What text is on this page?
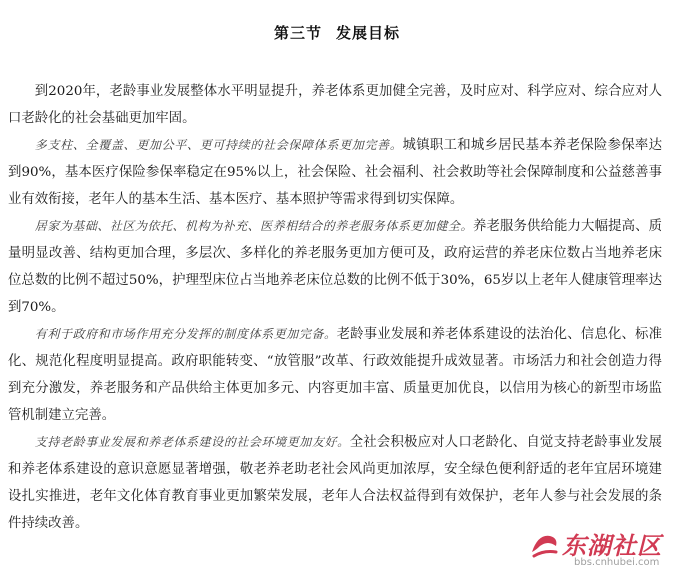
第三节 发展目标

到2020年，老龄事业发展整体水平明显提升，养老体系更加健全完善，及时应对、科学应对、综合应对人口老龄化的社会基础更加牢固。

多支柱、全覆盖、更加公平、更可持续的社会保障体系更加完善。城镇职工和城乡居民基本养老保险参保率达到90%，基本医疗保险参保率稳定在95%以上，社会保险、社会福利、社会救助等社会保障制度和公益慈善事业有效衔接，老年人的基本生活、基本医疗、基本照护等需求得到切实保障。

居家为基础、社区为依托、机构为补充、医养相结合的养老服务体系更加健全。养老服务供给能力大幅提高、质量明显改善、结构更加合理，多层次、多样化的养老服务更加方便可及，政府运营的养老床位数占当地养老床位总数的比例不超过50%，护理型床位占当地养老床位总数的比例不低于30%，65岁以上老年人健康管理率达到70%。

有利于政府和市场作用充分发挥的制度体系更加完备。老龄事业发展和养老体系建设的法治化、信息化、标准化、规范化程度明显提高。政府职能转变、“放管服”改革、行政效能提升成效显著。市场活力和社会创造力得到充分激发，养老服务和产品供给主体更加多元、内容更加丰富、质量更加优良，以信用为核心的新型市场监管机制建立完善。

支持老龄事业发展和养老体系建设的社会环境更加友好。全社会积极应对人口老龄化、自觉支持老龄事业发展和养老体系建设的意识意愿显著增强，敬老养老助老社会风尚更加浓厚，安全绿色便利舒适的老年宜居环境建设扎实推进，老年文化体育教育事业更加繁荣发展，老年人合法权益得到有效保护，老年人参与社会发展的条件持续改善。

东湖社区
bbs.cnhubei.com
